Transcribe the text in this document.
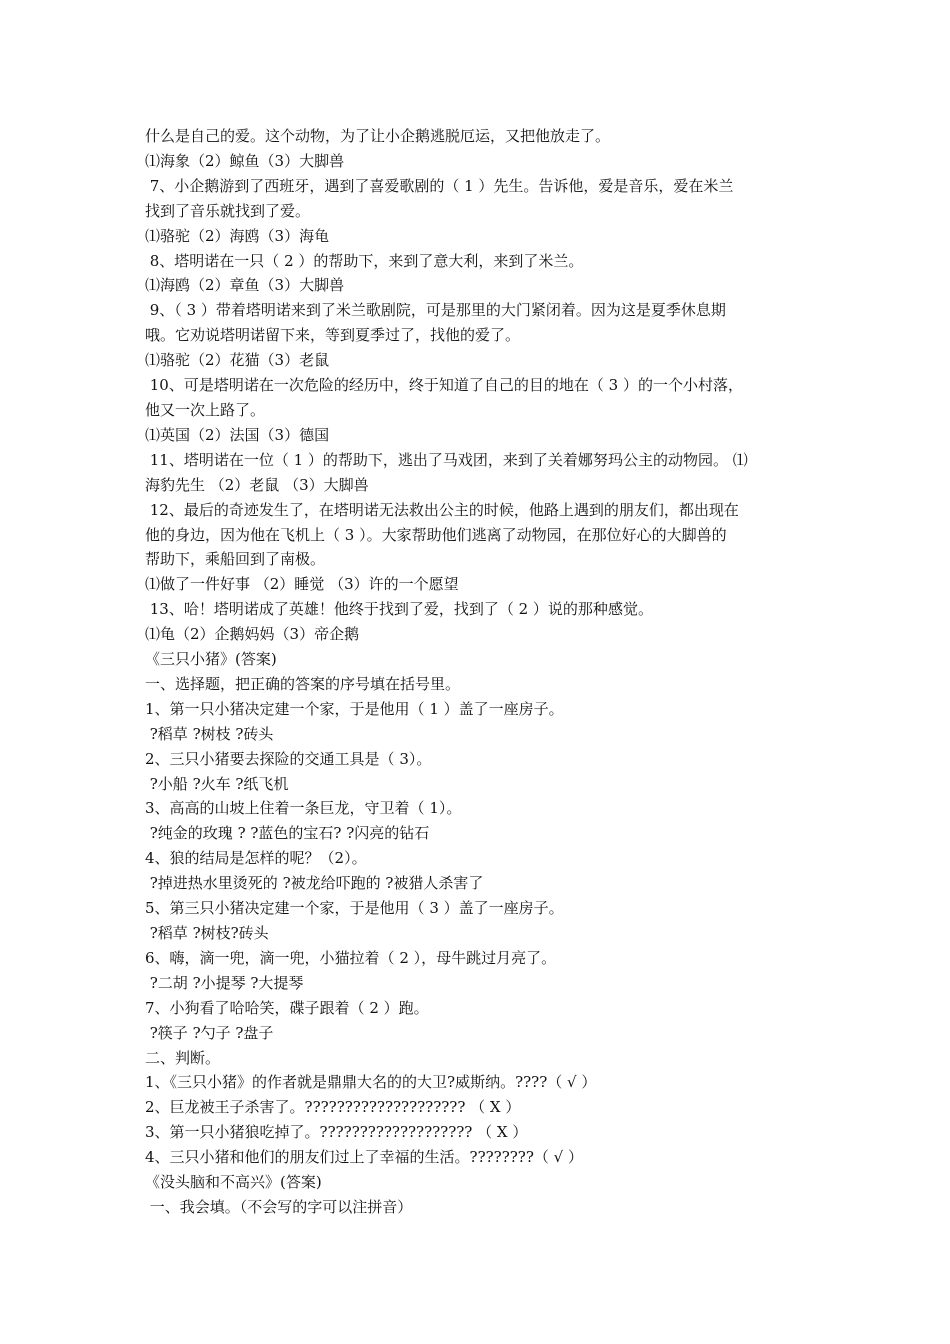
什么是自己的爱。这个动物，为了让小企鹅逃脱厄运，又把他放走了。
⑴海象（2）鲸鱼（3）大脚兽
7、小企鹅游到了西班牙，遇到了喜爱歌剧的（ 1 ）先生。告诉他，爱是音乐，爱在米兰
找到了音乐就找到了爱。
⑴骆驼（2）海鸥（3）海龟
8、塔明诺在一只（ 2 ）的帮助下，来到了意大利，来到了米兰。
⑴海鸥（2）章鱼（3）大脚兽
9、（ 3 ）带着塔明诺来到了米兰歌剧院，可是那里的大门紧闭着。因为这是夏季休息期
哦。它劝说塔明诺留下来，等到夏季过了，找他的爱了。
⑴骆驼（2）花猫（3）老鼠
10、可是塔明诺在一次危险的经历中，终于知道了自己的目的地在（ 3 ）的一个小村落，
他又一次上路了。
⑴英国（2）法国（3）德国
11、塔明诺在一位（ 1 ）的帮助下，逃出了马戏团，来到了关着娜努玛公主的动物园。 ⑴
海豹先生 （2）老鼠 （3）大脚兽
12、最后的奇迹发生了，在塔明诺无法救出公主的时候，他路上遇到的朋友们，都出现在
他的身边，因为他在飞机上（ 3 ）。大家帮助他们逃离了动物园，在那位好心的大脚兽的
帮助下，乘船回到了南极。
⑴做了一件好事 （2）睡觉 （3）许的一个愿望
13、哈！塔明诺成了英雄！他终于找到了爱，找到了（ 2 ）说的那种感觉。
⑴龟（2）企鹅妈妈（3）帝企鹅
《三只小猪》(答案)
一、选择题，把正确的答案的序号填在括号里。
1、第一只小猪决定建一个家，于是他用（ 1 ）盖了一座房子。
?稻草 ?树枝 ?砖头
2、三只小猪要去探险的交通工具是（ 3）。
?小船 ?火车 ?纸飞机
3、高高的山坡上住着一条巨龙，守卫着（ 1）。
?纯金的玫瑰 ? ?蓝色的宝石? ?闪亮的钻石
4、狼的结局是怎样的呢？（2）。
?掉进热水里烫死的 ?被龙给吓跑的 ?被猎人杀害了
5、第三只小猪决定建一个家，于是他用（ 3 ）盖了一座房子。
?稻草 ?树枝?砖头
6、嗨，滴一兜，滴一兜，小猫拉着（ 2 ），母牛跳过月亮了。
?二胡 ?小提琴 ?大提琴
7、小狗看了哈哈笑，碟子跟着（ 2 ）跑。
?筷子 ?勺子 ?盘子
二、判断。
1、《三只小猪》的作者就是鼎鼎大名的的大卫?威斯纳。????（ √ ）
2、巨龙被王子杀害了。???????????????????? （ X ）
3、第一只小猪狼吃掉了。??????????????????? （ X ）
4、三只小猪和他们的朋友们过上了幸福的生活。????????（ √ ）
《没头脑和不高兴》(答案)
一、我会填。（不会写的字可以注拼音）
